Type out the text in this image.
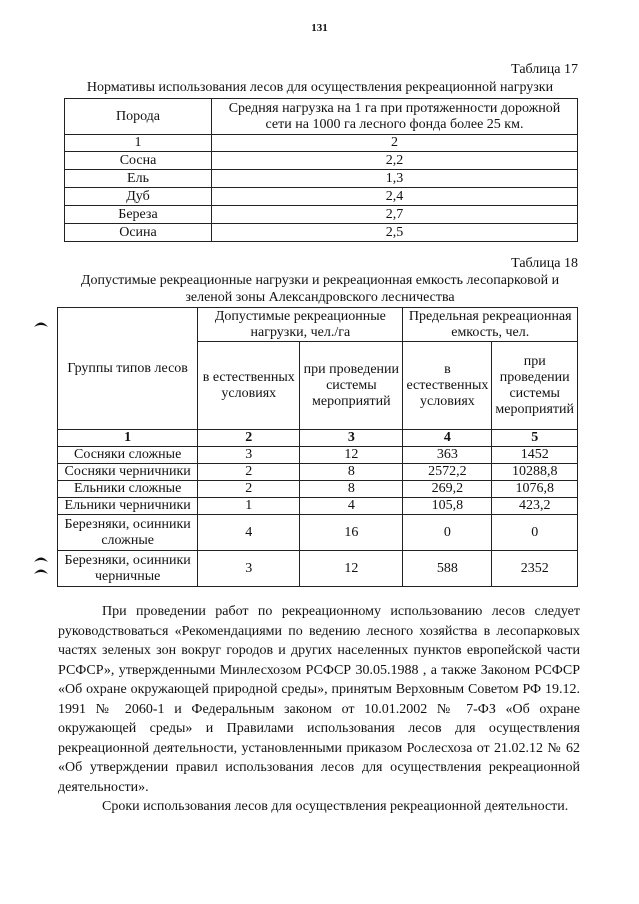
131
Таблица 17
Нормативы использования лесов для осуществления рекреационной нагрузки
Порода	Средняя нагрузка на 1 га при протяженности дорожной сети на 1000 га лесного фонда более 25 км.
1	2
Сосна	2,2
Ель	1,3
Дуб	2,4
Береза	2,7
Осина	2,5
Таблица 18
Допустимые рекреационные нагрузки и рекреационная емкость лесопарковой и
зеленой зоны Александровского лесничества
Группы типов лесов	Допустимые рекреационные нагрузки, чел./га		Предельная рекреационная емкость, чел.	
	в естественных условиях	при проведении системы мероприятий	в естественных условиях	при проведении системы мероприятий
1	2	3	4	5
Сосняки сложные	3	12	363	1452
Сосняки черничники	2	8	2572,2	10288,8
Ельники сложные	2	8	269,2	1076,8
Ельники черничники	1	4	105,8	423,2
Березняки, осинники сложные	4	16	0	0
Березняки, осинники черничные	3	12	588	2352

При проведении работ по рекреационному использованию лесов следует руководствоваться «Рекомендациями по ведению лесного хозяйства в лесопарковых частях зеленых зон вокруг городов и других населенных пунктов европейской части РСФСР», утвержденными Минлесхозом РСФСР 30.05.1988 , а также Законом РСФСР «Об охране окружающей природной среды», принятым Верховным Советом РФ 19.12. 1991 № 2060-1 и Федеральным законом от 10.01.2002 № 7-ФЗ «Об охране окружающей среды» и Правилами использования лесов для осуществления рекреационной деятельности, установленными приказом Рослесхоза от 21.02.12 № 62 «Об утверждении правил использования лесов для осуществления рекреационной деятельности».

Сроки использования лесов для осуществления рекреационной деятельности.
